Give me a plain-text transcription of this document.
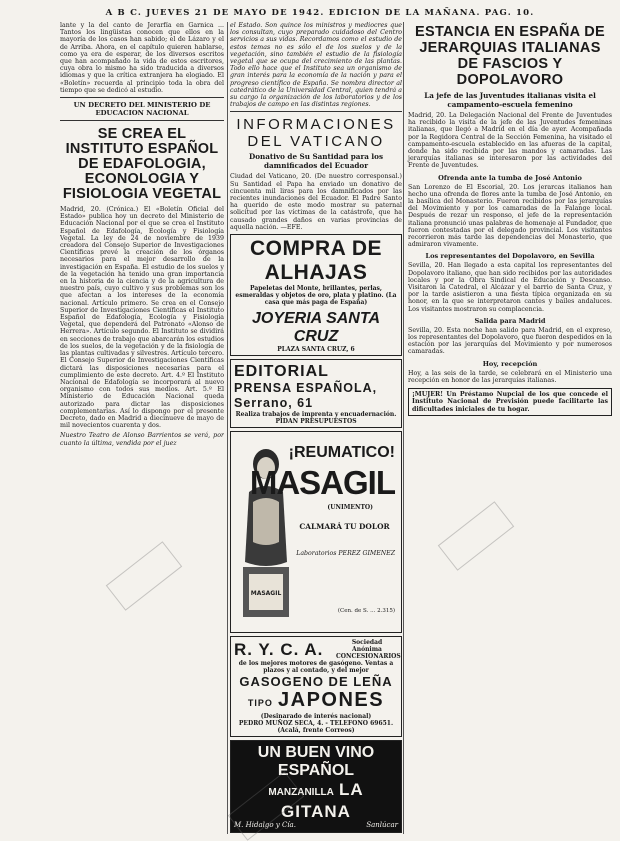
A B C. JUEVES 21 DE MAYO DE 1942. EDICION DE LA MAÑANA. PAG. 10.

lante y la del canto de Jerarfía en Garnica ... Tantos los lingüistas conocen que ellos en la mayoría de los casos han sabido; el de Lázaro y el de Arriba. Ahora, en el capítulo quieren hablarse, como ya era de esperar, de los diversos escritos que han acompañado la vida de estos escritores, cuya obra lo mismo ha sido traducida a diversos idiomas y que la crítica extranjera ha elogiado. El «Boletín» recuerda al principio toda la obra del tiempo que se dedicó al estudio.

UN DECRETO DEL MINISTERIO DE EDUCACION NACIONAL
SE CREA EL INSTITUTO ESPAÑOL DE EDAFOLOGIA, ECONOLOGIA Y FISIOLOGIA VEGETAL

Madrid, 20. (Crónica.) El «Boletín Oficial del Estado» publica hoy un decreto del Ministerio de Educación Nacional por el que se crea el Instituto Español de Edafología, Ecología y Fisiología Vegetal. La ley de 24 de noviembre de 1939 creadora del Consejo Superior de Investigaciones Científicas prevé la creación de los órganos necesarios para el mejor desarrollo de la investigación en España. El estudio de los suelos y de la vegetación ha tenido una gran importancia en la historia de la ciencia y de la agricultura de nuestro país, cuyo cultivo y sus problemas son los que afectan a los intereses de la economía nacional. Artículo primero. Se crea en el Consejo Superior de Investigaciones Científicas el Instituto Español de Edafología, Ecología y Fisiología Vegetal, que dependerá del Patronato «Alonso de Herrera». Artículo segundo. El Instituto se dividirá en secciones de trabajo que abarcarán los estudios de los suelos, de la vegetación y de la fisiología de las plantas cultivadas y silvestres. Artículo tercero. El Consejo Superior de Investigaciones Científicas dictará las disposiciones necesarias para el cumplimiento de este decreto. Art. 4.º El Instituto Nacional de Edafología se incorporará al nuevo organismo con todos sus medios. Art. 5.º El Ministerio de Educación Nacional queda autorizado para dictar las disposiciones complementarias. Así lo dispongo por el presente Decreto, dado en Madrid a diecinueve de mayo de mil novecientos cuarenta y dos.

Nuestro Teatro de Alonso Barrientos se verá, por cuanto la última, vendida por el juez

el Estado. Son quince los ministros y mediocres que los consultan, cuyo preparado cuidadoso del Centro servicios a sus vidas. Recordamos como el estudio de estos temas no es sólo el de los suelos y de la vegetación, sino también el estudio de la fisiología vegetal que se ocupa del crecimiento de las plantas. Todo ello hace que el Instituto sea un organismo de gran interés para la economía de la nación y para el progreso científico de España. Se nombra director al catedrático de la Universidad Central, quien tendrá a su cargo la organización de los laboratorios y de los trabajos de campo en las distintas regiones.

INFORMACIONES DEL VATICANO
Donativo de Su Santidad para los damnificados del Ecuador

Ciudad del Vaticano, 20. (De nuestro corresponsal.) Su Santidad el Papa ha enviado un donativo de cincuenta mil liras para los damnificados por las recientes inundaciones del Ecuador. El Padre Santo ha querido de este modo mostrar su paternal solicitud por las víctimas de la catástrofe, que ha causado grandes daños en varias provincias de aquella nación. —EFE.

COMPRA DE ALHAJAS
Papeletas del Monte, brillantes, perlas, esmeraldas y objetos de oro, plata y platino. (La casa que más paga de España)
JOYERIA SANTA CRUZ
PLAZA SANTA CRUZ, 6
EDITORIAL
PRENSA ESPAÑOLA, Serrano, 61
Realiza trabajos de imprenta y encuadernación. PIDAN PRESUPUESTOS
MASAGIL
¡REUMATICO!
MASAGIL
(UNIMENTO)
CALMARÁ TU DOLOR
Laboratorios PEREZ GIMENEZ
(Cen. de S. ... 2.315)
R. Y. C. A.	Sociedad Anónima CONCESIONARIOS
de los mejores motores de gasógeno. Ventas a plazos y al contado, y del mejor
GASOGENO DE LEÑA
TIPO JAPONES
(Desinarado de interés nacional)
PEDRO MUÑOZ SECA, 4. - TELEFONO 69651. (Acalá, frente Correos)
UN BUEN VINO ESPAÑOL
MANZANILLA LA GITANA
M. Hidalgo y Cía.	Sanlúcar
ESTANCIA EN ESPAÑA DE JERARQUIAS ITALIANAS DE FASCIOS Y DOPOLAVORO
La jefe de las Juventudes italianas visita el campamento-escuela femenino

Madrid, 20. La Delegación Nacional del Frente de Juventudes ha recibido la visita de la jefe de las Juventudes femeninas italianas, que llegó a Madrid en el día de ayer. Acompañada por la Regidora Central de la Sección Femenina, ha visitado el campamento-escuela establecido en las afueras de la capital, donde ha sido recibida por las mandos y camaradas. Las jerarquías italianas se interesaron por las actividades del Frente de Juventudes.

Ofrenda ante la tumba de José Antonio

San Lorenzo de El Escorial, 20. Los jerarcas italianos han hecho una ofrenda de flores ante la tumba de José Antonio, en la basílica del Monasterio. Fueron recibidos por las jerarquías del Movimiento y por los camaradas de la Falange local. Después de rezar un responso, el jefe de la representación italiana pronunció unas palabras de homenaje al Fundador, que fueron contestadas por el delegado provincial. Los visitantes recorrieron más tarde las dependencias del Monasterio, que admiraron vivamente.

Los representantes del Dopolavoro, en Sevilla

Sevilla, 20. Han llegado a esta capital los representantes del Dopolavoro italiano, que han sido recibidos por las autoridades locales y por la Obra Sindical de Educación y Descanso. Visitaron la Catedral, el Alcázar y el barrio de Santa Cruz, y por la tarde asistieron a una fiesta típica organizada en su honor, en la que se interpretaron cantes y bailes andaluces. Los visitantes mostraron su complacencia.

Salida para Madrid

Sevilla, 20. Esta noche han salido para Madrid, en el expreso, los representantes del Dopolavoro, que fueron despedidos en la estación por las jerarquías del Movimiento y por numerosos camaradas.

Hoy, recepción

Hoy, a las seis de la tarde, se celebrará en el Ministerio una recepción en honor de las jerarquías italianas.

¡MUJER! Un Préstamo Nupcial de los que concede el Instituto Nacional de Previsión puede facilitarte las dificultades iniciales de tu hogar.
